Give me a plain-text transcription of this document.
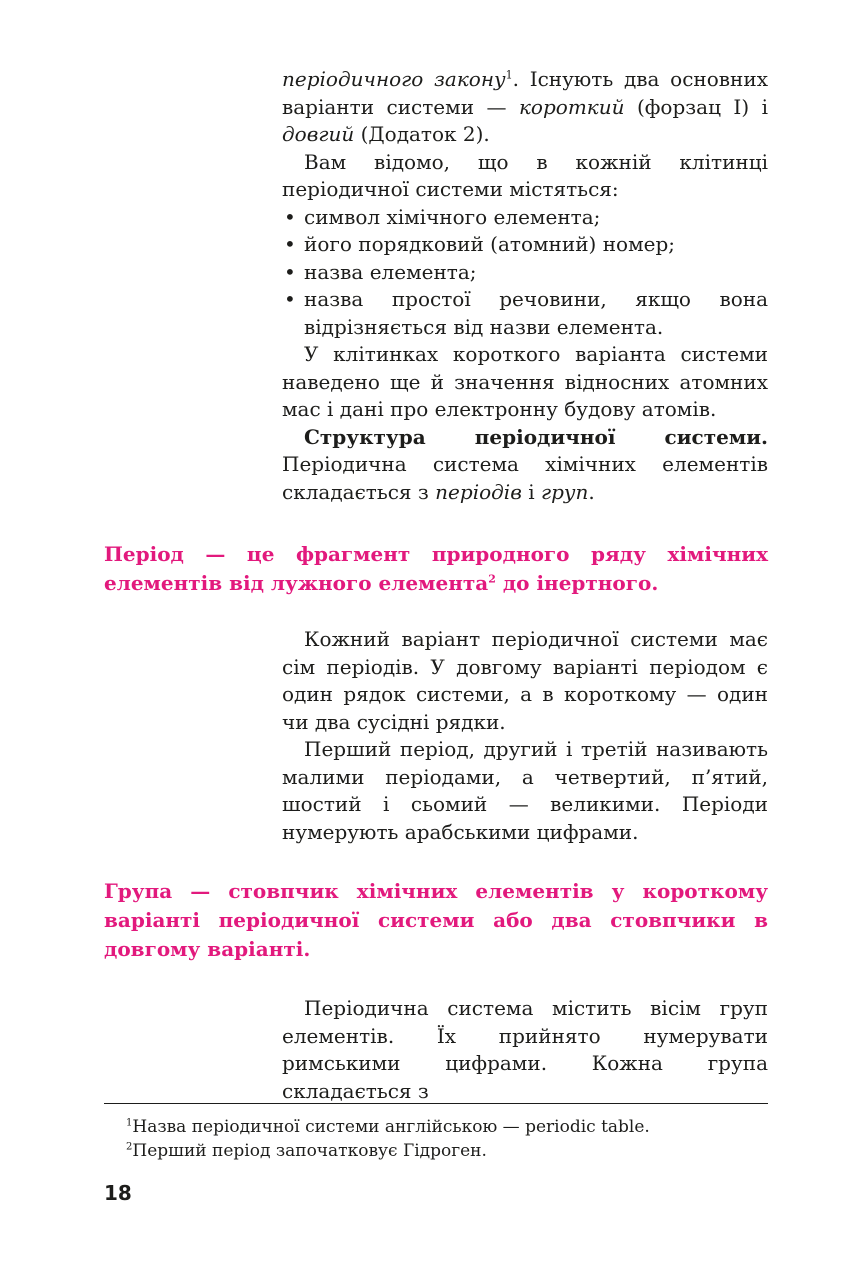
періодичного закону$^1$. Існують два основних варіанти системи — короткий (форзац I) і довгий (Додаток 2).

Вам відомо, що в кожній клітинці періодичної системи містяться:

• символ хімічного елемента;
• його порядковий (атомний) номер;
• назва елемента;
• назва простої речовини, якщо вона відрізняється від назви елемента.

У клітинках короткого варіанта системи наведено ще й значення відносних атомних мас і дані про електронну будову атомів.

Структура періодичної системи. Періодична система хімічних елементів складається з періодів і груп.

Період — це фрагмент природного ряду хімічних елементів від лужного елемента$^2$ до інертного.

Кожний варіант періодичної системи має сім періодів. У довгому варіанті періодом є один рядок системи, а в короткому — один чи два сусідні рядки.

Перший період, другий і третій називають малими періодами, а четвертий, п’ятий, шостий і сьомий — великими. Періоди нумерують арабськими цифрами.

Група — стовпчик хімічних елементів у короткому варіанті періодичної системи або два стовпчики в довгому варіанті.

Періодична система містить вісім груп елементів. Їх прийнято нумерувати римськими цифрами. Кожна група складається з

$^1$Назва періодичної системи англійською — periodic table.

$^2$Перший період започатковує Гідроген.

18
